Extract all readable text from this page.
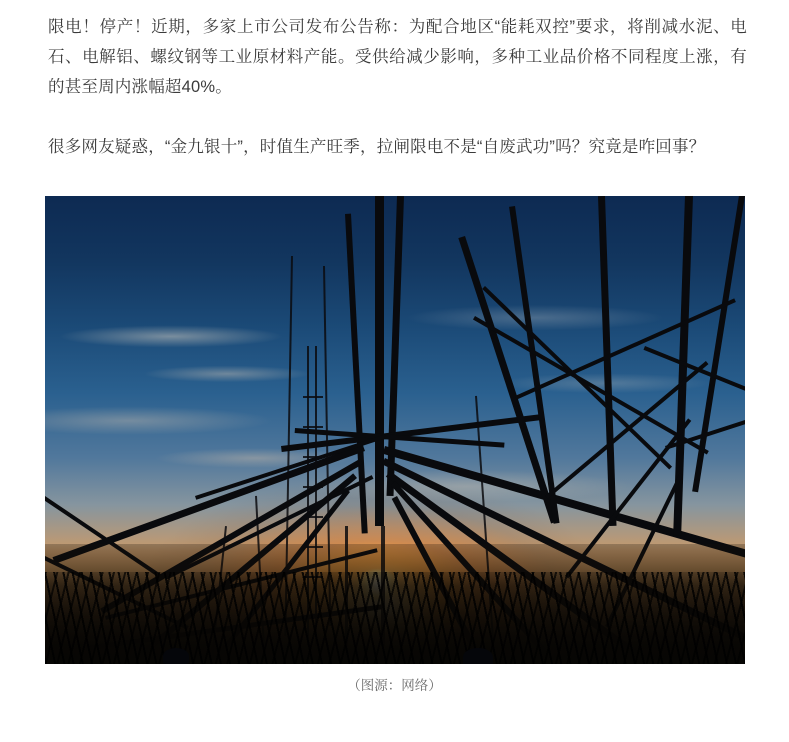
限电！停产！近期，多家上市公司发布公告称：为配合地区“能耗双控”要求，将削减水泥、电石、电解铝、螺纹钢等工业原材料产能。受供给减少影响，多种工业品价格不同程度上涨，有的甚至周内涨幅超40%。

很多网友疑惑，“金九银十”，时值生产旺季，拉闸限电不是“自废武功”吗？究竟是咋回事？

（图源：网络）
